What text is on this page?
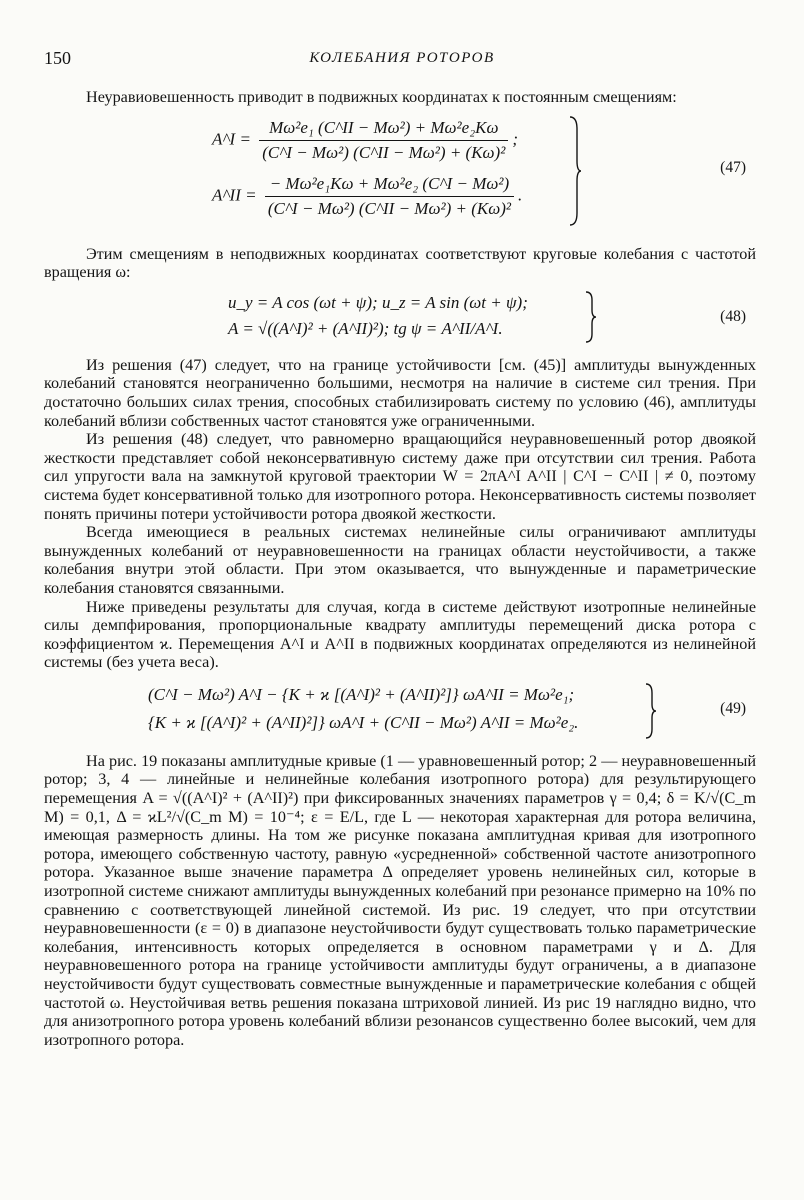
150	КОЛЕБАНИЯ РОТОРОВ

Неуравиовешенность приводит в подвижных координатах к постоянным смещениям:

A^I = $\frac{\text{Mω²e₁ (C\textasciicircum{}II − Mω²) + Mω²e₂Kω}}{\text{(C\textasciicircum{}I − Mω²) (C\textasciicircum{}II − Mω²) + (Kω)²}}$ ;
A^II = $\frac{\text{− Mω²e₁Kω + Mω²e₂ (C\textasciicircum{}I − Mω²)}}{\text{(C\textasciicircum{}I − Mω²) (C\textasciicircum{}II − Mω²) + (Kω)²}}$ .
(47)

Этим смещениям в неподвижных координатах соответствуют круговые колебания с частотой вращения ω:

u_y = A cos (ωt + ψ); u_z = A sin (ωt + ψ);
A = √((A^I)² + (A^II)²); tg ψ = A^II/A^I.
(48)

Из решения (47) следует, что на границе устойчивости [см. (45)] амплитуды вынужденных колебаний становятся неограниченно большими, несмотря на наличие в системе сил трения. При достаточно больших силах трения, способных стабилизировать систему по условию (46), амплитуды колебаний вблизи собственных частот становятся уже ограниченными.

Из решения (48) следует, что равномерно вращающийся неуравновешенный ротор двоякой жесткости представляет собой неконсервативную систему даже при отсутствии сил трения. Работа сил упругости вала на замкнутой круговой траектории W = 2πA^I A^II | C^I − C^II | ≠ 0, поэтому система будет консервативной только для изотропного ротора. Неконсервативность системы позволяет понять причины потери устойчивости ротора двоякой жесткости.

Всегда имеющиеся в реальных системах нелинейные силы ограничивают амплитуды вынужденных колебаний от неуравновешенности на границах области неустойчивости, а также колебания внутри этой области. При этом оказывается, что вынужденные и параметрические колебания становятся связанными.

Ниже приведены результаты для случая, когда в системе действуют изотропные нелинейные силы демпфирования, пропорциональные квадрату амплитуды перемещений диска ротора с коэффициентом ϰ. Перемещения A^I и A^II в подвижных координатах определяются из нелинейной системы (без учета веса).

(C^I − Mω²) A^I − {K + ϰ [(A^I)² + (A^II)²]} ωA^II = Mω²e₁;
{K + ϰ [(A^I)² + (A^II)²]} ωA^I + (C^II − Mω²) A^II = Mω²e₂.
(49)

На рис. 19 показаны амплитудные кривые (1 — уравновешенный ротор; 2 — неуравновешенный ротор; 3, 4 — линейные и нелинейные колебания изотропного ротора) для результирующего перемещения A = √((A^I)² + (A^II)²) при фиксированных значениях параметров γ = 0,4; δ = K/√(C_m M) = 0,1, Δ = ϰL²/√(C_m M) = 10⁻⁴; ε = E/L, где L — некоторая характерная для ротора величина, имеющая размерность длины. На том же рисунке показана амплитудная кривая для изотропного ротора, имеющего собственную частоту, равную «усредненной» собственной частоте анизотропного ротора. Указанное выше значение параметра Δ определяет уровень нелинейных сил, которые в изотропной системе снижают амплитуды вынужденных колебаний при резонансе примерно на 10% по сравнению с соответствующей линейной системой. Из рис. 19 следует, что при отсутствии неуравновешенности (ε = 0) в диапазоне неустойчивости будут существовать только параметрические колебания, интенсивность которых определяется в основном параметрами γ и Δ. Для неуравновешенного ротора на границе устойчивости амплитуды будут ограничены, а в диапазоне неустойчивости будут существовать совместные вынужденные и параметрические колебания с общей частотой ω. Неустойчивая ветвь решения показана штриховой линией. Из рис 19 наглядно видно, что для анизотропного ротора уровень колебаний вблизи резонансов существенно более высокий, чем для изотропного ротора.
